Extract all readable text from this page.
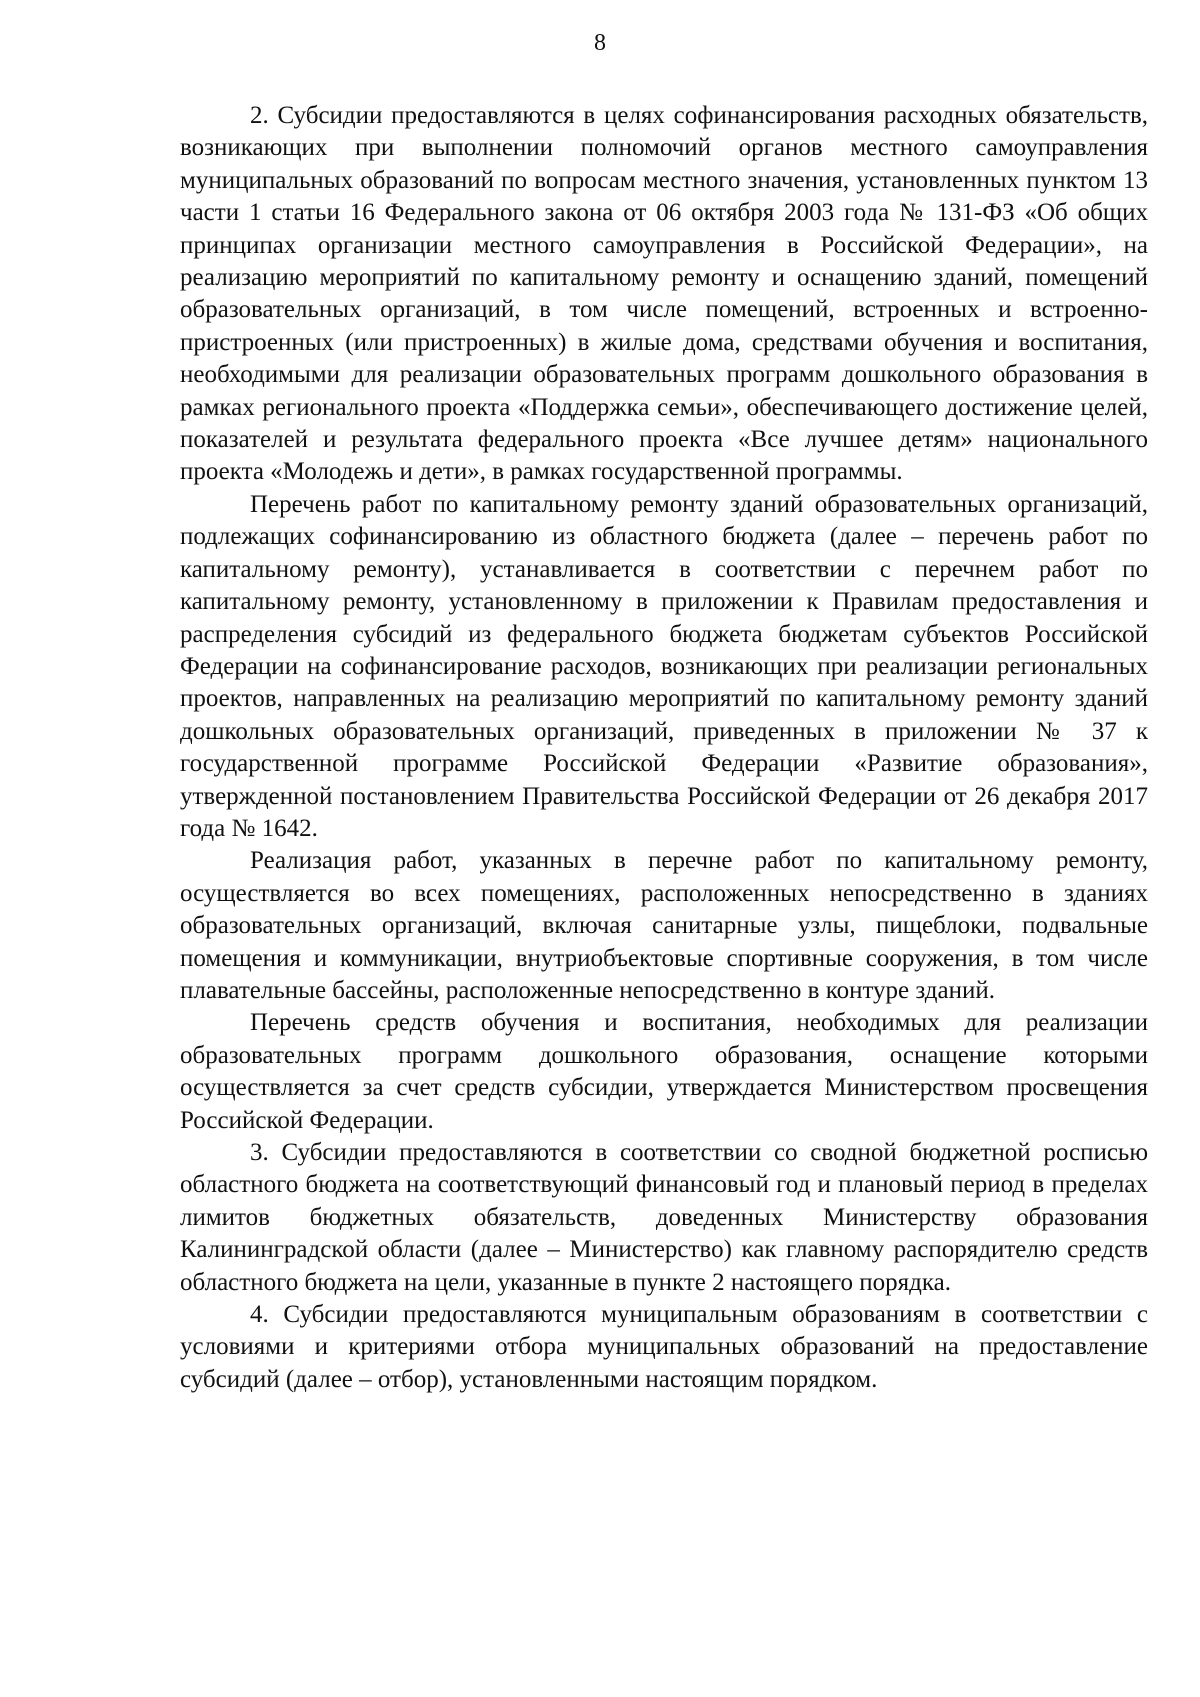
8

2. Субсидии предоставляются в целях софинансирования расходных обязательств, возникающих при выполнении полномочий органов местного самоуправления муниципальных образований по вопросам местного значения, установленных пунктом 13 части 1 статьи 16 Федерального закона от 06 октября 2003 года № 131-ФЗ «Об общих принципах организации местного самоуправления в Российской Федерации», на реализацию мероприятий по капитальному ремонту и оснащению зданий, помещений образовательных организаций, в том числе помещений, встроенных и встроенно-пристроенных (или пристроенных) в жилые дома, средствами обучения и воспитания, необходимыми для реализации образовательных программ дошкольного образования в рамках регионального проекта «Поддержка семьи», обеспечивающего достижение целей, показателей и результата федерального проекта «Все лучшее детям» национального проекта «Молодежь и дети», в рамках государственной программы.

Перечень работ по капитальному ремонту зданий образовательных организаций, подлежащих софинансированию из областного бюджета (далее – перечень работ по капитальному ремонту), устанавливается в соответствии с перечнем работ по капитальному ремонту, установленному в приложении к Правилам предоставления и распределения субсидий из федерального бюджета бюджетам субъектов Российской Федерации на софинансирование расходов, возникающих при реализации региональных проектов, направленных на реализацию мероприятий по капитальному ремонту зданий дошкольных образовательных организаций, приведенных в приложении № 37 к государственной программе Российской Федерации «Развитие образования», утвержденной постановлением Правительства Российской Федерации от 26 декабря 2017 года № 1642.

Реализация работ, указанных в перечне работ по капитальному ремонту, осуществляется во всех помещениях, расположенных непосредственно в зданиях образовательных организаций, включая санитарные узлы, пищеблоки, подвальные помещения и коммуникации, внутриобъектовые спортивные сооружения, в том числе плавательные бассейны, расположенные непосредственно в контуре зданий.

Перечень средств обучения и воспитания, необходимых для реализации образовательных программ дошкольного образования, оснащение которыми осуществляется за счет средств субсидии, утверждается Министерством просвещения Российской Федерации.

3. Субсидии предоставляются в соответствии со сводной бюджетной росписью областного бюджета на соответствующий финансовый год и плановый период в пределах лимитов бюджетных обязательств, доведенных Министерству образования Калининградской области (далее – Министерство) как главному распорядителю средств областного бюджета на цели, указанные в пункте 2 настоящего порядка.

4. Субсидии предоставляются муниципальным образованиям в соответствии с условиями и критериями отбора муниципальных образований на предоставление субсидий (далее – отбор), установленными настоящим порядком.
